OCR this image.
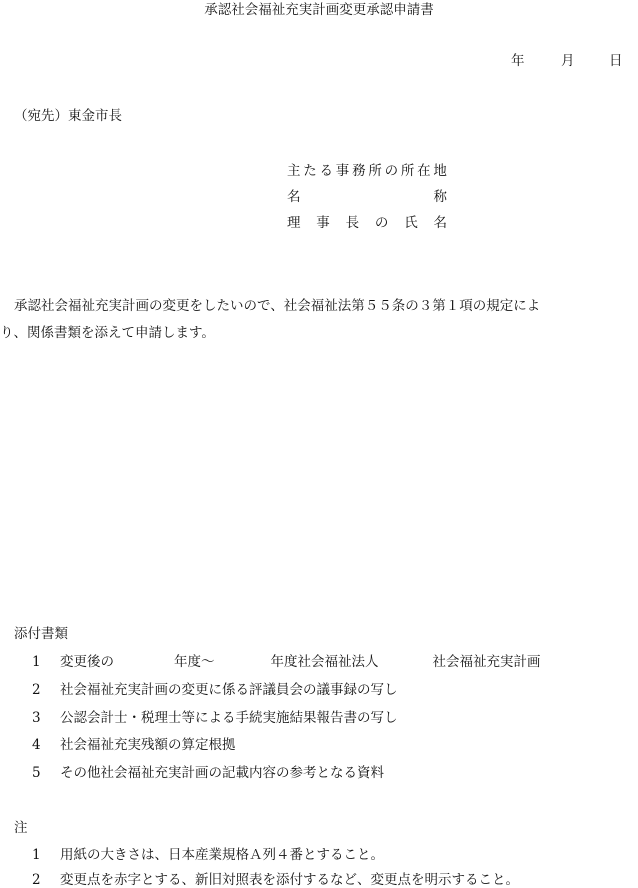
承認社会福祉充実計画変更承認申請書
年	月	日
（宛先）東金市長
主 た る 事 務 所 の 所 在 地
名	称
理 事 長 の 氏 名
承認社会福祉充実計画の変更をしたいので、社会福祉法第５５条の３第１項の規定によ
り、関係書類を添えて申請します。
添付書類
1 変更後の	年度～	年度社会福祉法人	社会福祉充実計画
2 社会福祉充実計画の変更に係る評議員会の議事録の写し
3 公認会計士・税理士等による手続実施結果報告書の写し
4 社会福祉充実残額の算定根拠
5 その他社会福祉充実計画の記載内容の参考となる資料
注
1 用紙の大きさは、日本産業規格Ａ列４番とすること。
2 変更点を赤字とする、新旧対照表を添付するなど、変更点を明示すること。
